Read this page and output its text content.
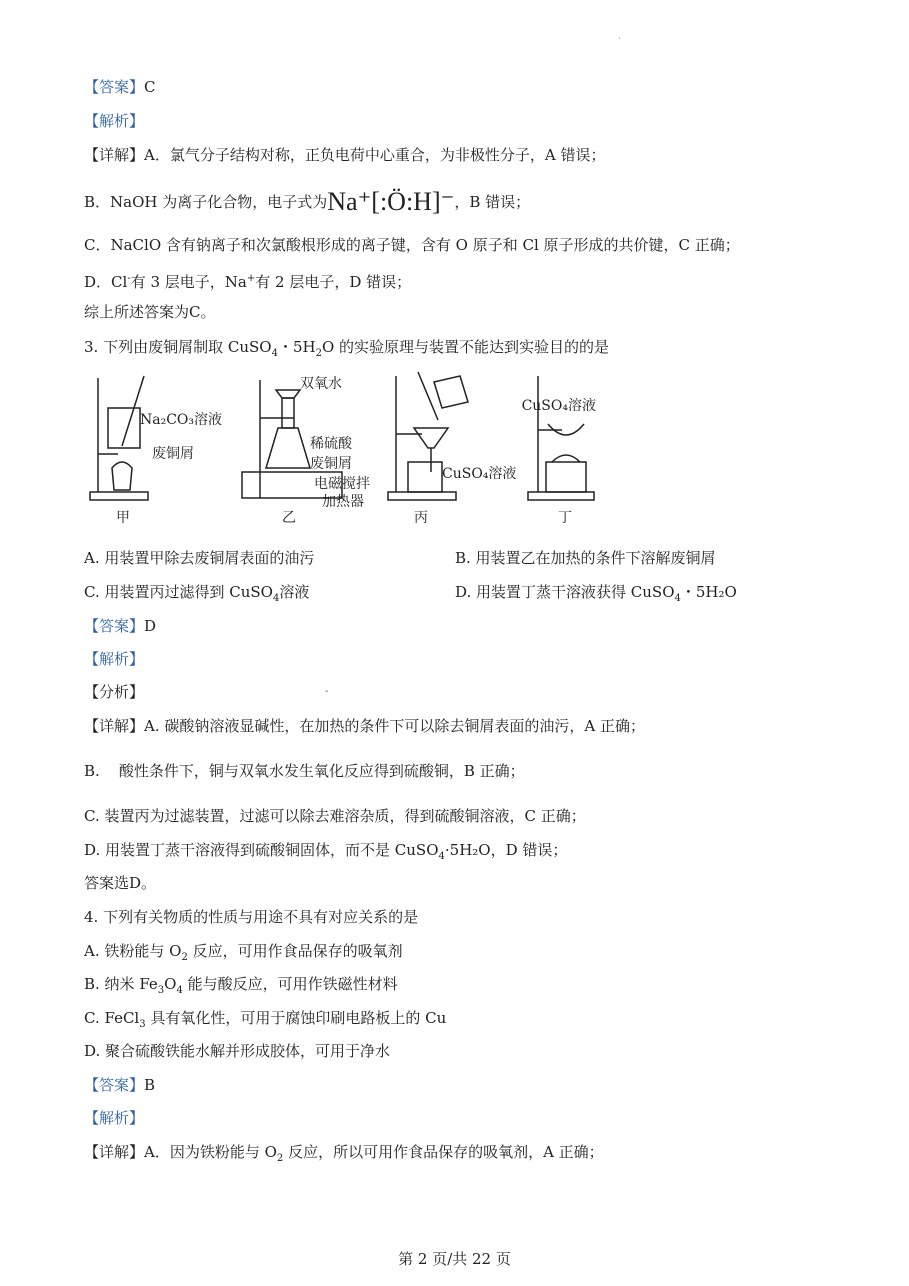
·
【答案】C
【解析】
【详解】A．氯气分子结构对称，正负电荷中心重合，为非极性分子，A 错误；
B．NaOH 为离子化合物，电子式为Na⁺[:Ö:H]⁻，B 错误；
C．NaClO 含有钠离子和次氯酸根形成的离子键，含有 O 原子和 Cl 原子形成的共价键，C 正确；
D．Cl-有 3 层电子，Na+有 2 层电子，D 错误；
综上所述答案为C。
3. 下列由废铜屑制取 CuSO$_4$・$5H_2O$ 的实验原理与装置不能达到实验目的的是
Na₂CO₃溶液
废铜屑
双氧水
稀硫酸
废铜屑
电磁搅拌
加热器
CuSO₄溶液
CuSO₄溶液
甲	乙	丙	丁
A. 用装置甲除去废铜屑表面的油污	B. 用装置乙在加热的条件下溶解废铜屑
C. 用装置丙过滤得到 CuSO$_4$溶液	D. 用装置丁蒸干溶液获得 CuSO$_4$・5H₂O
【答案】D
【解析】
【分析】	-
【详解】A. 碳酸钠溶液显碱性，在加热的条件下可以除去铜屑表面的油污，A 正确；
B.    酸性条件下，铜与双氧水发生氧化反应得到硫酸铜，B 正确；
C. 装置丙为过滤装置，过滤可以除去难溶杂质，得到硫酸铜溶液，C 正确；
D. 用装置丁蒸干溶液得到硫酸铜固体，而不是 CuSO$_4$·5H₂O，D 错误；
答案选D。
4. 下列有关物质的性质与用途不具有对应关系的是
A. 铁粉能与 $O_2$ 反应，可用作食品保存的吸氧剂
B. 纳米 $Fe_3O_4$ 能与酸反应，可用作铁磁性材料
C. FeCl$_3$ 具有氧化性，可用于腐蚀印刷电路板上的 Cu
D. 聚合硫酸铁能水解并形成胶体，可用于净水
【答案】B
【解析】
【详解】A．因为铁粉能与 $O_2$ 反应，所以可用作食品保存的吸氧剂，A 正确；
第 2 页/共 22 页
